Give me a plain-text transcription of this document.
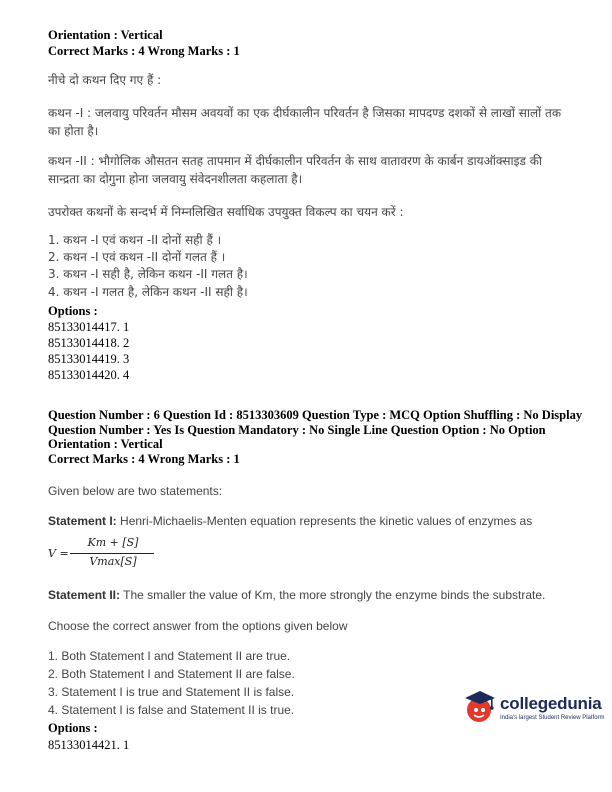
Orientation : Vertical
Correct Marks : 4 Wrong Marks : 1
नीचे दो कथन दिए गए हैं :
कथन -I : जलवायु परिवर्तन मौसम अवयवों का एक दीर्घकालीन परिवर्तन है जिसका मापदण्ड दशकों से लाखों सालों तक का होता है।
कथन -II : भौगोलिक औसतन सतह तापमान में दीर्घकालीन परिवर्तन के साथ वातावरण के कार्बन डायऑक्साइड की सान्द्रता का दोगुना होना जलवायु संवेदनशीलता कहलाता है।
उपरोक्त कथनों के सन्दर्भ में निम्नलिखित सर्वाधिक उपयुक्त विकल्प का चयन करें :
1. कथन -I एवं कथन -II दोनों सही हैं ।
2. कथन -I एवं कथन -II दोनों गलत हैं ।
3. कथन -I सही है, लेकिन कथन -II गलत है।
4. कथन -I गलत है, लेकिन कथन -II सही है।
Options :
85133014417. 1
85133014418. 2
85133014419. 3
85133014420. 4
Question Number : 6 Question Id : 8513303609 Question Type : MCQ Option Shuffling : No Display
Question Number : Yes Is Question Mandatory : No Single Line Question Option : No Option
Orientation : Vertical
Correct Marks : 4 Wrong Marks : 1
Given below are two statements:
Statement I: Henri-Michaelis-Menten equation represents the kinetic values of enzymes as
V =
Km + [S]
Vmax[S]
Statement II: The smaller the value of Km, the more strongly the enzyme binds the substrate.
Choose the correct answer from the options given below
1. Both Statement I and Statement II are true.
2. Both Statement I and Statement II are false.
3. Statement I is true and Statement II is false.
4. Statement I is false and Statement II is true.
Options :
85133014421. 1
collegedunia
India's largest Student Review Platform
